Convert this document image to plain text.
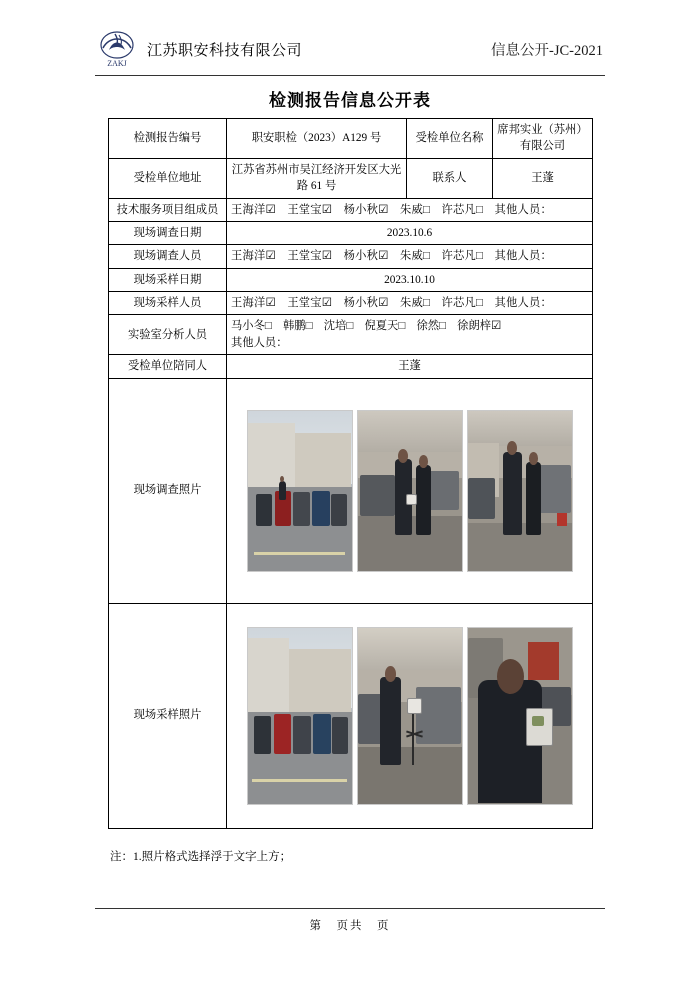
ZAKJ
江苏职安科技有限公司	信息公开-JC-2021
检测报告信息公开表
检测报告编号	职安职检（2023）A129 号	受检单位名称	席邦实业（苏州）有限公司
受检单位地址	江苏省苏州市吴江经济开发区大光路 61 号	联系人	王蓬
技术服务项目组成员	王海洋☑　王堂宝☑　杨小秋☑　朱威□　许芯凡□　其他人员：		
现场调查日期	2023.10.6		
现场调查人员	王海洋☑　王堂宝☑　杨小秋☑　朱威□　许芯凡□　其他人员：		
现场采样日期	2023.10.10		
现场采样人员	王海洋☑　王堂宝☑　杨小秋☑　朱威□　许芯凡□　其他人员：		
实验室分析人员	马小冬□　韩鹏□　沈培□　倪夏天□　徐然□　徐朗梓☑
其他人员：		

受检单位陪同人	王蓬		
现场调查照片			

现场采样照片			
注：1.照片格式选择浮于文字上方；
第　页共　页
